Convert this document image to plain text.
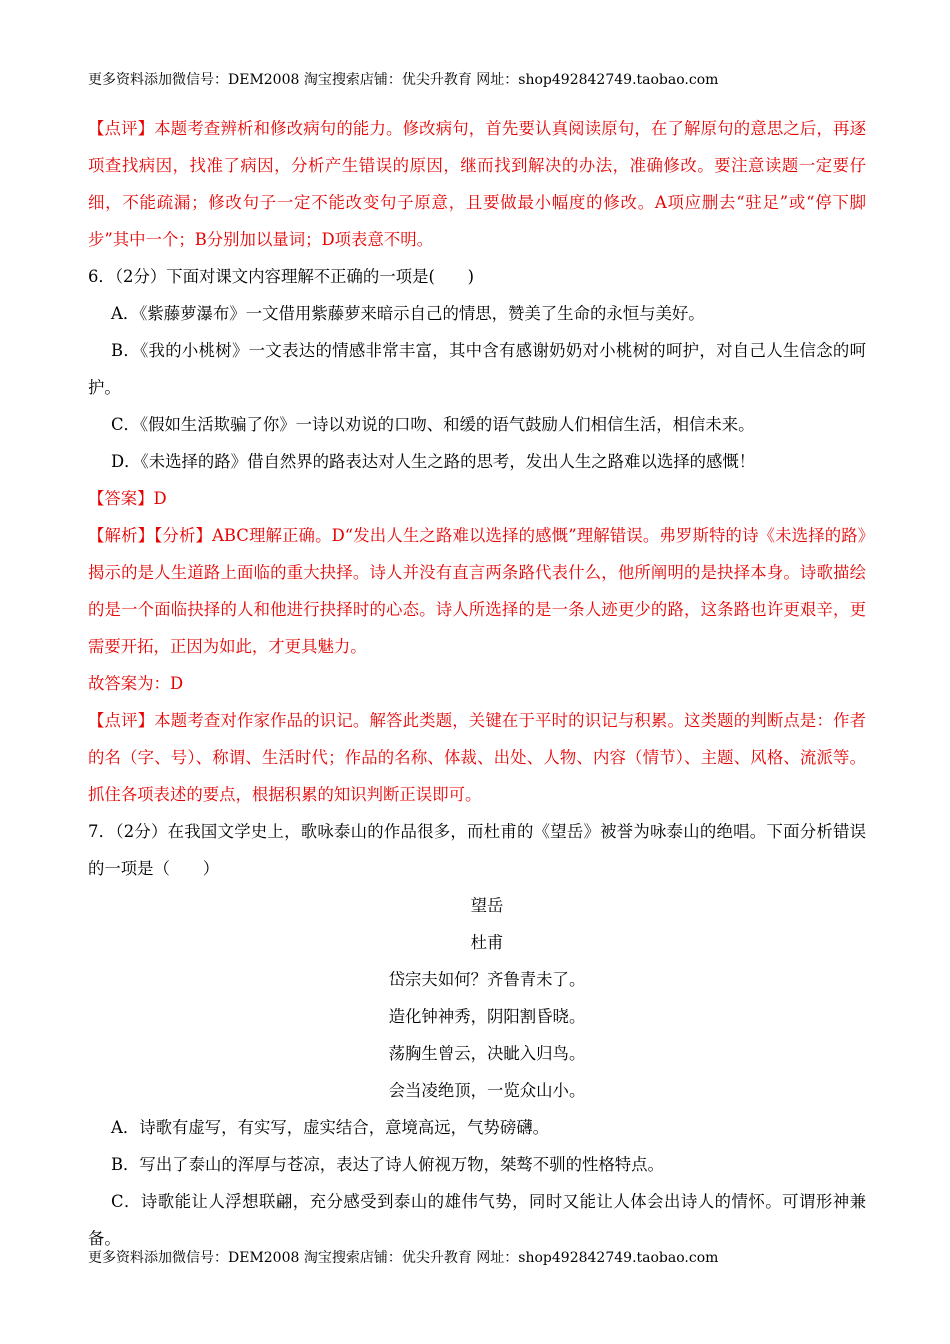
更多资料添加微信号：DEM2008 淘宝搜索店铺：优尖升教育 网址：shop492842749.taobao.com

【点评】本题考查辨析和修改病句的能力。修改病句，首先要认真阅读原句，在了解原句的意思之后，再逐项查找病因，找准了病因，分析产生错误的原因，继而找到解决的办法，准确修改。要注意读题一定要仔细，不能疏漏；修改句子一定不能改变句子原意，且要做最小幅度的修改。A项应删去“驻足”或“停下脚步”其中一个；B分别加以量词；D项表意不明。

6．（2分）下面对课文内容理解不正确的一项是(　　)

A．《紫藤萝瀑布》一文借用紫藤萝来暗示自己的情思，赞美了生命的永恒与美好。

B．《我的小桃树》一文表达的情感非常丰富，其中含有感谢奶奶对小桃树的呵护，对自己人生信念的呵护。

C．《假如生活欺骗了你》一诗以劝说的口吻、和缓的语气鼓励人们相信生活，相信未来。

D．《未选择的路》借自然界的路表达对人生之路的思考，发出人生之路难以选择的感慨！

【答案】D

【解析】【分析】ABC理解正确。D“发出人生之路难以选择的感慨”理解错误。弗罗斯特的诗《未选择的路》揭示的是人生道路上面临的重大抉择。诗人并没有直言两条路代表什么，他所阐明的是抉择本身。诗歌描绘的是一个面临抉择的人和他进行抉择时的心态。诗人所选择的是一条人迹更少的路，这条路也许更艰辛，更需要开拓，正因为如此，才更具魅力。

故答案为：D

【点评】本题考查对作家作品的识记。解答此类题，关键在于平时的识记与积累。这类题的判断点是：作者的名（字、号）、称谓、生活时代；作品的名称、体裁、出处、人物、内容（情节）、主题、风格、流派等。抓住各项表述的要点，根据积累的知识判断正误即可。

7．（2分）在我国文学史上，歌咏泰山的作品很多，而杜甫的《望岳》被誉为咏泰山的绝唱。下面分析错误的一项是（　　）

望岳

杜甫

岱宗夫如何？齐鲁青未了。

造化钟神秀，阴阳割昏晓。

荡胸生曾云，决眦入归鸟。

会当凌绝顶，一览众山小。

A．诗歌有虚写，有实写，虚实结合，意境高远，气势磅礴。

B．写出了泰山的浑厚与苍凉，表达了诗人俯视万物，桀骜不驯的性格特点。

C．诗歌能让人浮想联翩，充分感受到泰山的雄伟气势，同时又能让人体会出诗人的情怀。可谓形神兼备。

更多资料添加微信号：DEM2008 淘宝搜索店铺：优尖升教育 网址：shop492842749.taobao.com
